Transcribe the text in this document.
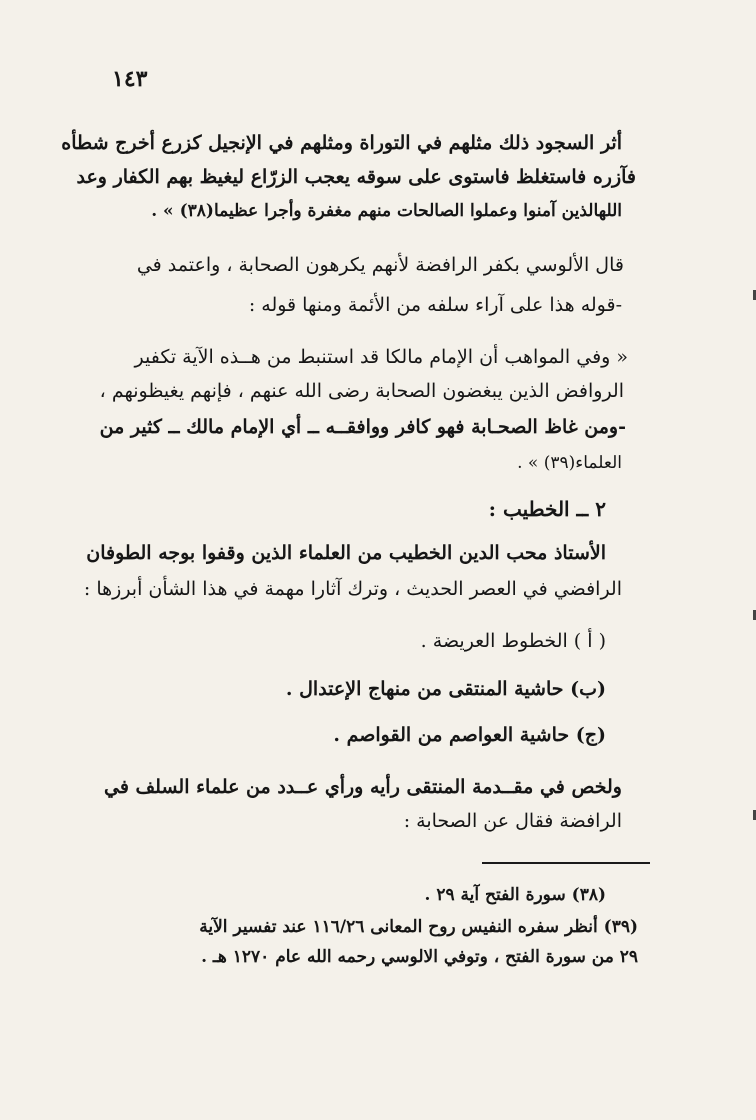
١٤٣
أثر السجود ذلك مثلهم في التوراة ومثلهم في الإنجيل كزرع أخرج شطأه
فآزره فاستغلظ فاستوى على سوقه يعجب الزرّاع ليغيظ بهم الكفار وعد
اللهالذين آمنوا وعملوا الصالحات منهم مغفرة وأجرا عظيما(٣٨) » .
قال الألوسي بكفر الرافضة لأنهم يكرهون الصحابة ، واعتمد في
-قوله هذا على آراء سلفه من الأئمة ومنها قوله :
« وفي المواهب أن الإمام مالكا قد استنبط من هــذه الآية تكفير
الروافض الذين يبغضون الصحابة رضى الله عنهم ، فإنهم يغيظونهم ،
-ومن غاظ الصحـابة فهو كافر ووافقــه ــ أي الإمام مالك ــ كثير من
العلماء(٣٩) » .
٢ ــ الخطيب :
الأستاذ محب الدين الخطيب من العلماء الذين وقفوا بوجه الطوفان
الرافضي في العصر الحديث ، وترك آثارا مهمة في هذا الشأن أبرزها :
( أ ) الخطوط العريضة .
(ب) حاشية المنتقى من منهاج الإعتدال .
(ج) حاشية العواصم من القواصم .
ولخص في مقــدمة المنتقى رأيه ورأي عــدد من علماء السلف في
الرافضة فقال عن الصحابة :
(٣٨) سورة الفتح آية ٢٩ .
(٣٩) أنظر سفره النفيس روح المعانى ١١٦/٢٦ عند تفسير الآية
٢٩ من سورة الفتح ، وتوفي الالوسي رحمه الله عام ١٢٧٠ هـ .
